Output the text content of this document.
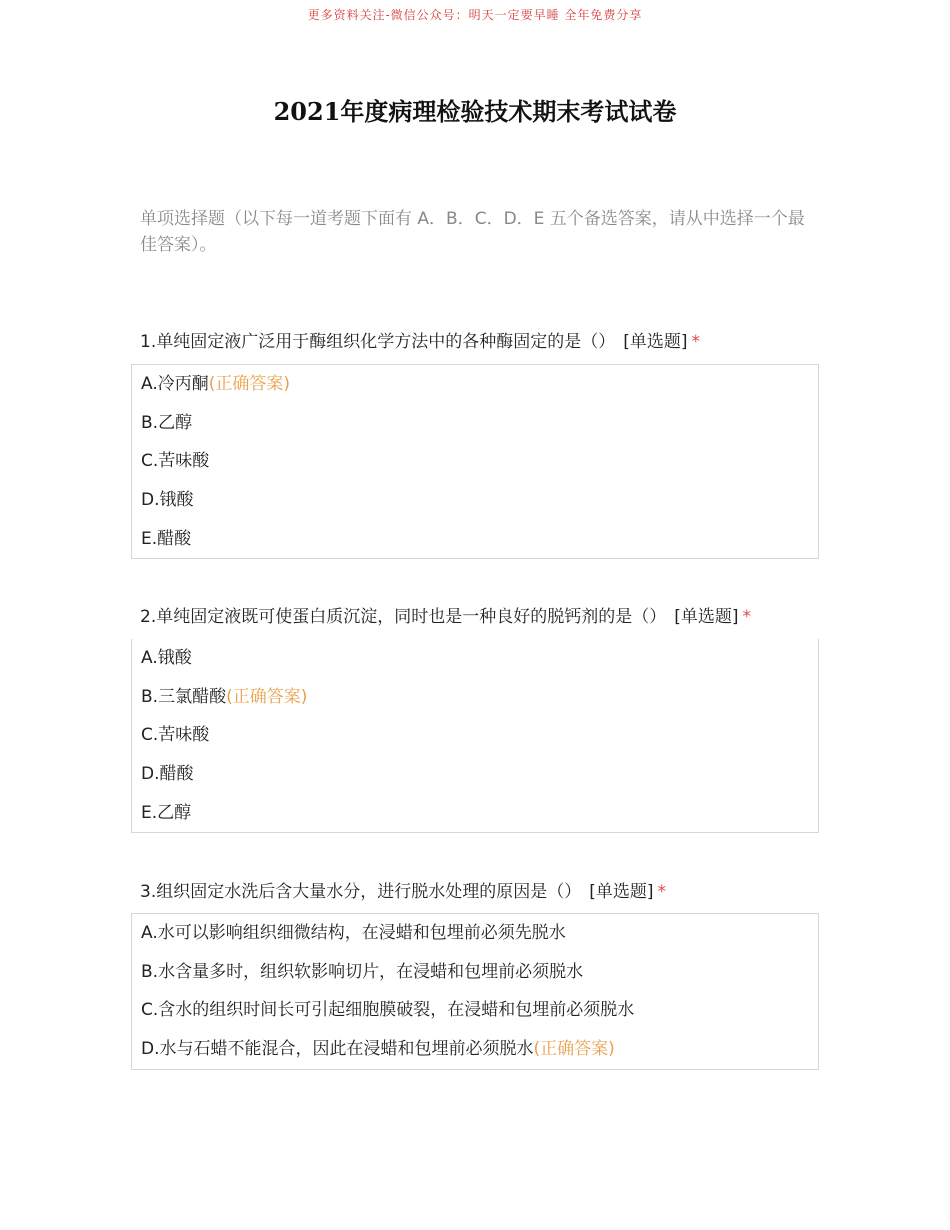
更多资料关注-微信公众号：明天一定要早睡 全年免费分享
2021年度病理检验技术期末考试试卷
单项选择题（以下每一道考题下面有 A．B．C．D．E 五个备选答案，请从中选择一个最佳答案）。
1.单纯固定液广泛用于酶组织化学方法中的各种酶固定的是（） [单选题] *
A.冷丙酮(正确答案)
B.乙醇
C.苦味酸
D.锇酸
E.醋酸
2.单纯固定液既可使蛋白质沉淀，同时也是一种良好的脱钙剂的是（） [单选题] *
A.锇酸
B.三氯醋酸(正确答案)
C.苦味酸
D.醋酸
E.乙醇
3.组织固定水洗后含大量水分，进行脱水处理的原因是（） [单选题] *
A.水可以影响组织细微结构，在浸蜡和包埋前必须先脱水
B.水含量多时，组织软影响切片，在浸蜡和包埋前必须脱水
C.含水的组织时间长可引起细胞膜破裂，在浸蜡和包埋前必须脱水
D.水与石蜡不能混合，因此在浸蜡和包埋前必须脱水(正确答案)
